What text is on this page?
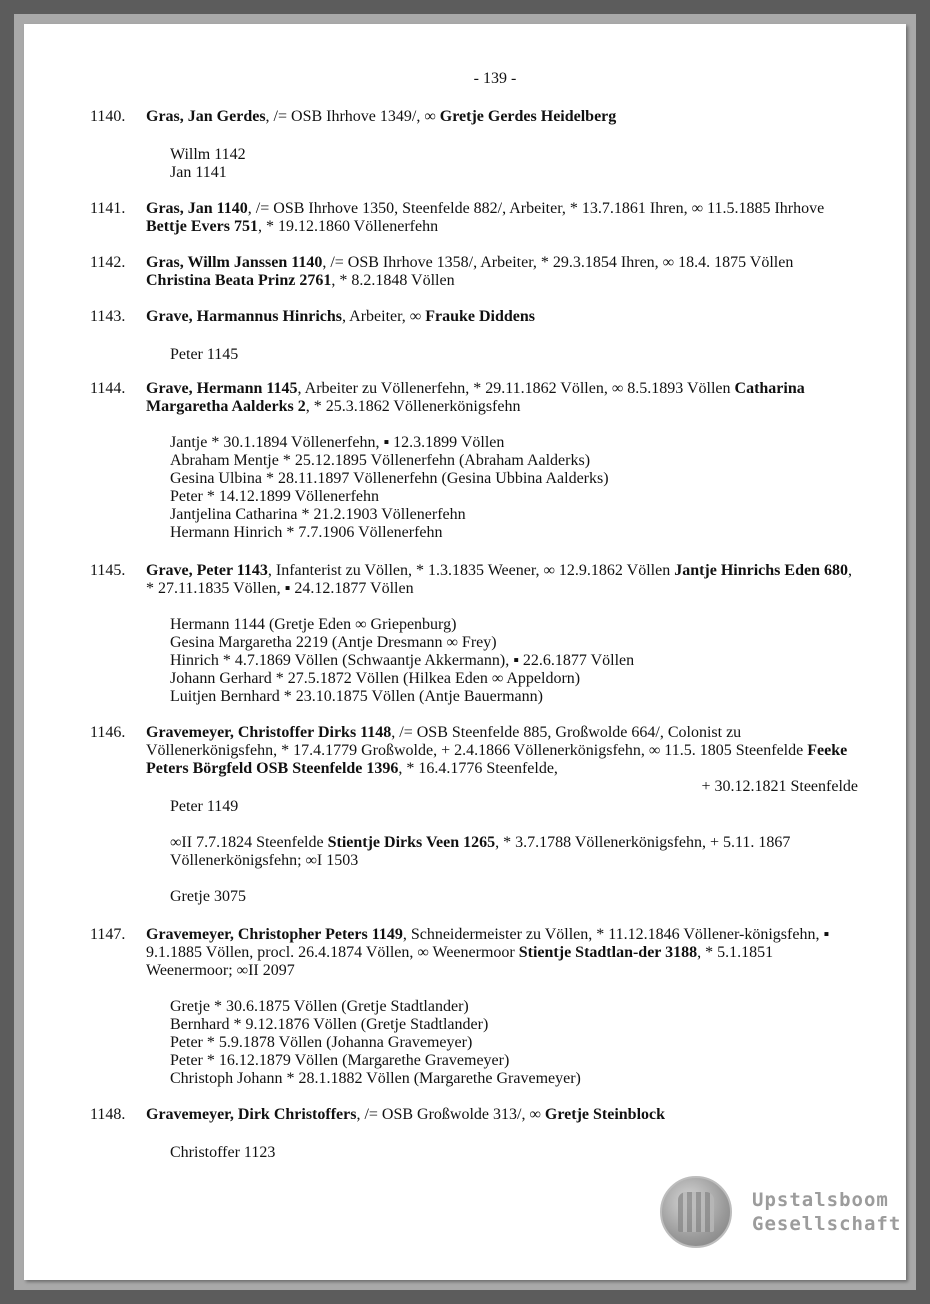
- 139 -
1140.	Gras, Jan Gerdes, /= OSB Ihrhove 1349/, ∞ Gretje Gerdes Heidelberg
Willm 1142
Jan 1141
1141.	Gras, Jan 1140, /= OSB Ihrhove 1350, Steenfelde 882/, Arbeiter, * 13.7.1861 Ihren, ∞ 11.5.1885 Ihrhove Bettje Evers 751, * 19.12.1860 Völlenerfehn
1142.	Gras, Willm Janssen 1140, /= OSB Ihrhove 1358/, Arbeiter, * 29.3.1854 Ihren, ∞ 18.4. 1875 Völlen Christina Beata Prinz 2761, * 8.2.1848 Völlen
1143.	Grave, Harmannus Hinrichs, Arbeiter, ∞ Frauke Diddens
Peter 1145
1144.	Grave, Hermann 1145, Arbeiter zu Völlenerfehn, * 29.11.1862 Völlen, ∞ 8.5.1893 Völlen Catharina Margaretha Aalderks 2, * 25.3.1862 Völlenerkönigsfehn
Jantje * 30.1.1894 Völlenerfehn, ▪ 12.3.1899 Völlen
Abraham Mentje * 25.12.1895 Völlenerfehn (Abraham Aalderks)
Gesina Ulbina * 28.11.1897 Völlenerfehn (Gesina Ubbina Aalderks)
Peter * 14.12.1899 Völlenerfehn
Jantjelina Catharina * 21.2.1903 Völlenerfehn
Hermann Hinrich * 7.7.1906 Völlenerfehn
1145.	Grave, Peter 1143, Infanterist zu Völlen, * 1.3.1835 Weener, ∞ 12.9.1862 Völlen Jantje Hinrichs Eden 680, * 27.11.1835 Völlen, ▪ 24.12.1877 Völlen
Hermann 1144 (Gretje Eden ∞ Griepenburg)
Gesina Margaretha 2219 (Antje Dresmann ∞ Frey)
Hinrich * 4.7.1869 Völlen (Schwaantje Akkermann), ▪ 22.6.1877 Völlen
Johann Gerhard * 27.5.1872 Völlen (Hilkea Eden ∞ Appeldorn)
Luitjen Bernhard * 23.10.1875 Völlen (Antje Bauermann)
1146.	Gravemeyer, Christoffer Dirks 1148, /= OSB Steenfelde 885, Großwolde 664/, Colonist zu Völlenerkönigsfehn, * 17.4.1779 Großwolde, + 2.4.1866 Völlenerkönigsfehn, ∞ 11.5. 1805 Steenfelde Feeke Peters Börgfeld OSB Steenfelde 1396, * 16.4.1776 Steenfelde,
+ 30.12.1821 Steenfelde
Peter 1149
∞II 7.7.1824 Steenfelde Stientje Dirks Veen 1265, * 3.7.1788 Völlenerkönigsfehn, + 5.11. 1867 Völlenerkönigsfehn; ∞I 1503
Gretje 3075
1147.	Gravemeyer, Christopher Peters 1149, Schneidermeister zu Völlen, * 11.12.1846 Völlener-königsfehn, ▪ 9.1.1885 Völlen, procl. 26.4.1874 Völlen, ∞ Weenermoor Stientje Stadtlan-der 3188, * 5.1.1851 Weenermoor; ∞II 2097
Gretje * 30.6.1875 Völlen (Gretje Stadtlander)
Bernhard * 9.12.1876 Völlen (Gretje Stadtlander)
Peter * 5.9.1878 Völlen (Johanna Gravemeyer)
Peter * 16.12.1879 Völlen (Margarethe Gravemeyer)
Christoph Johann * 28.1.1882 Völlen (Margarethe Gravemeyer)
1148.	Gravemeyer, Dirk Christoffers, /= OSB Großwolde 313/, ∞ Gretje Steinblock
Christoffer 1123
Upstalsboom
Gesellschaft
